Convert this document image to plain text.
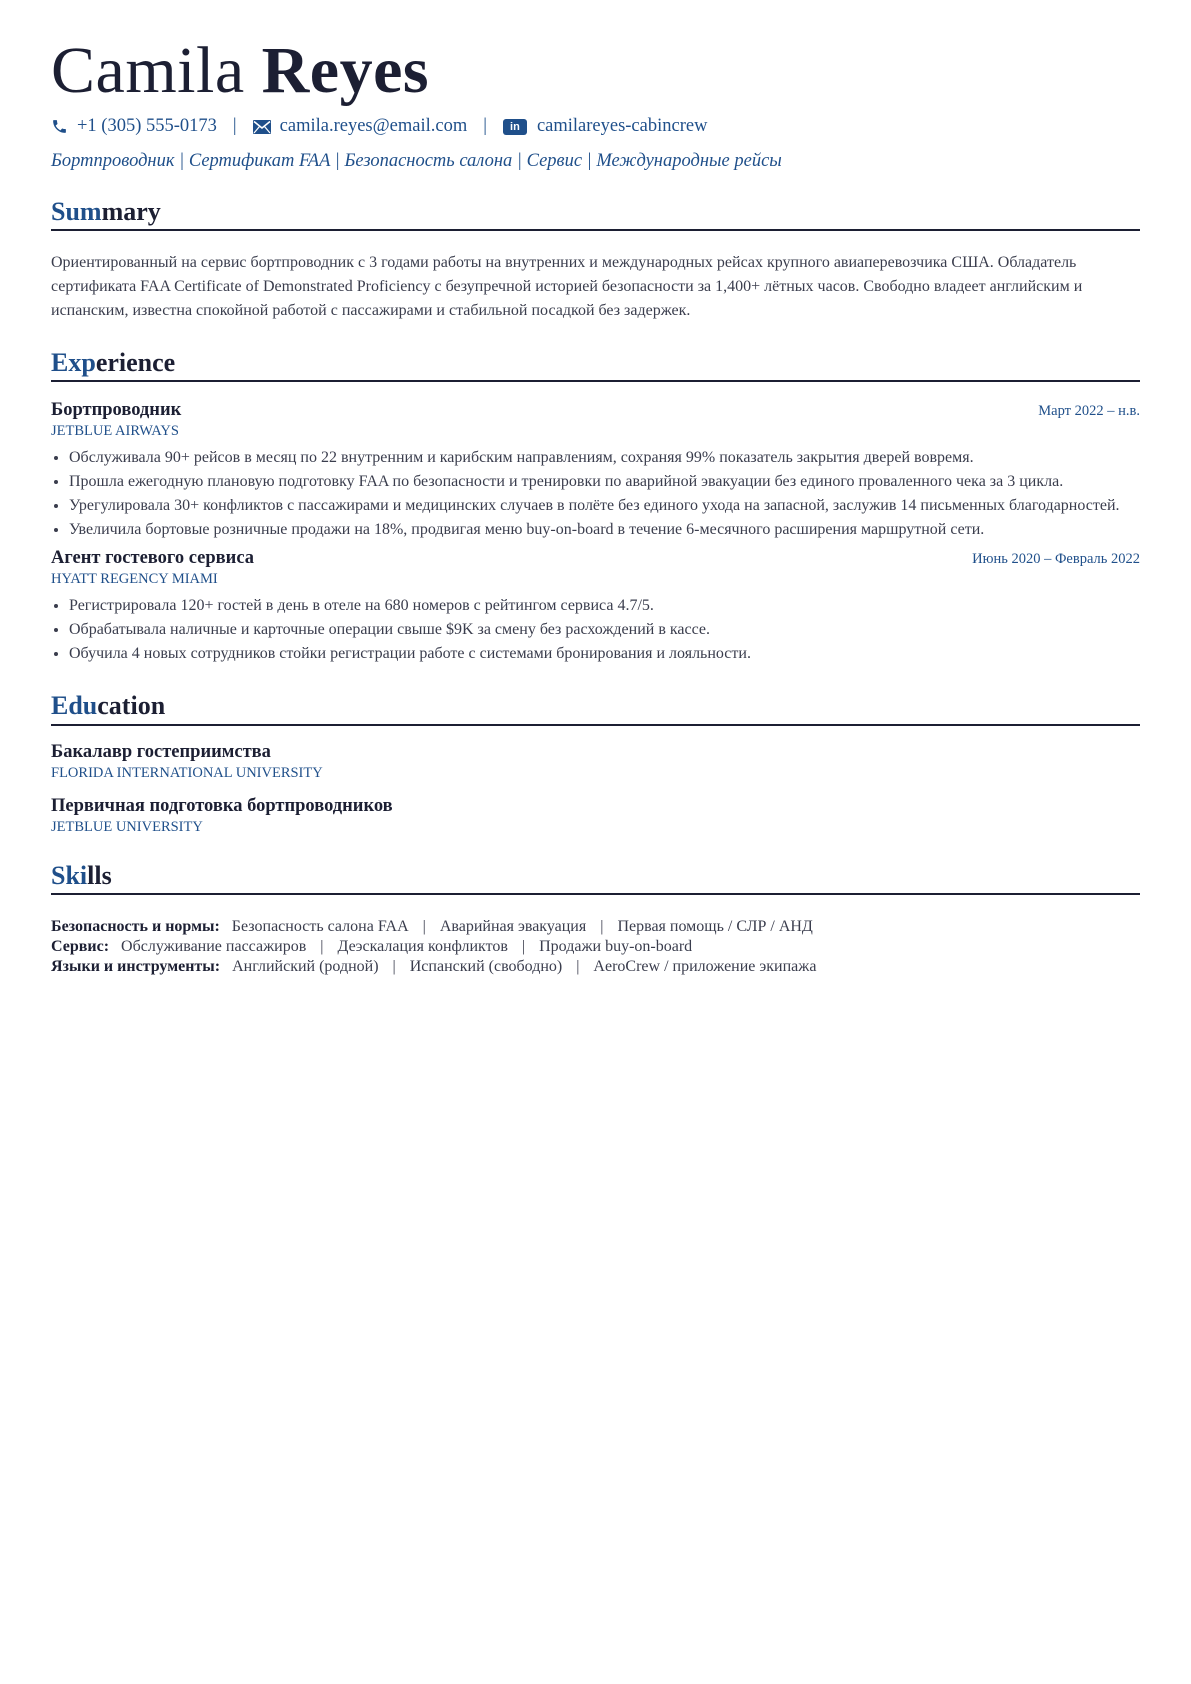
Camila Reyes
+1 (305) 555-0173 | camila.reyes@email.com |	in camilareyes-cabincrew
Бортпроводник | Сертификат FAA | Безопасность салона | Сервис | Международные рейсы
Summary
Ориентированный на сервис бортпроводник с 3 годами работы на внутренних и международных рейсах крупного авиаперевозчика США. Обладатель сертификата FAA Certificate of Demonstrated Proficiency с безупречной историей безопасности за 1,400+ лётных часов. Свободно владеет английским и испанским, известна спокойной работой с пассажирами и стабильной посадкой без задержек.
Experience
Бортпроводник	Март 2022 – н.в.
JETBLUE AIRWAYS
• Обслуживала 90+ рейсов в месяц по 22 внутренним и карибским направлениям, сохраняя 99% показатель закрытия дверей вовремя.
• Прошла ежегодную плановую подготовку FAA по безопасности и тренировки по аварийной эвакуации без единого проваленного чека за 3 цикла.
• Урегулировала 30+ конфликтов с пассажирами и медицинских случаев в полёте без единого ухода на запасной, заслужив 14 письменных благодарностей.
• Увеличила бортовые розничные продажи на 18%, продвигая меню buy-on-board в течение 6-месячного расширения маршрутной сети.
Агент гостевого сервиса	Июнь 2020 – Февраль 2022
HYATT REGENCY MIAMI
• Регистрировала 120+ гостей в день в отеле на 680 номеров с рейтингом сервиса 4.7/5.
• Обрабатывала наличные и карточные операции свыше $9K за смену без расхождений в кассе.
• Обучила 4 новых сотрудников стойки регистрации работе с системами бронирования и лояльности.
Education
Бакалавр гостеприимства
FLORIDA INTERNATIONAL UNIVERSITY
Первичная подготовка бортпроводников
JETBLUE UNIVERSITY
Skills
Безопасность и нормы: Безопасность салона FAA | Аварийная эвакуация | Первая помощь / СЛР / АНД
Сервис: Обслуживание пассажиров | Деэскалация конфликтов | Продажи buy-on-board
Языки и инструменты: Английский (родной) | Испанский (свободно) | AeroCrew / приложение экипажа
